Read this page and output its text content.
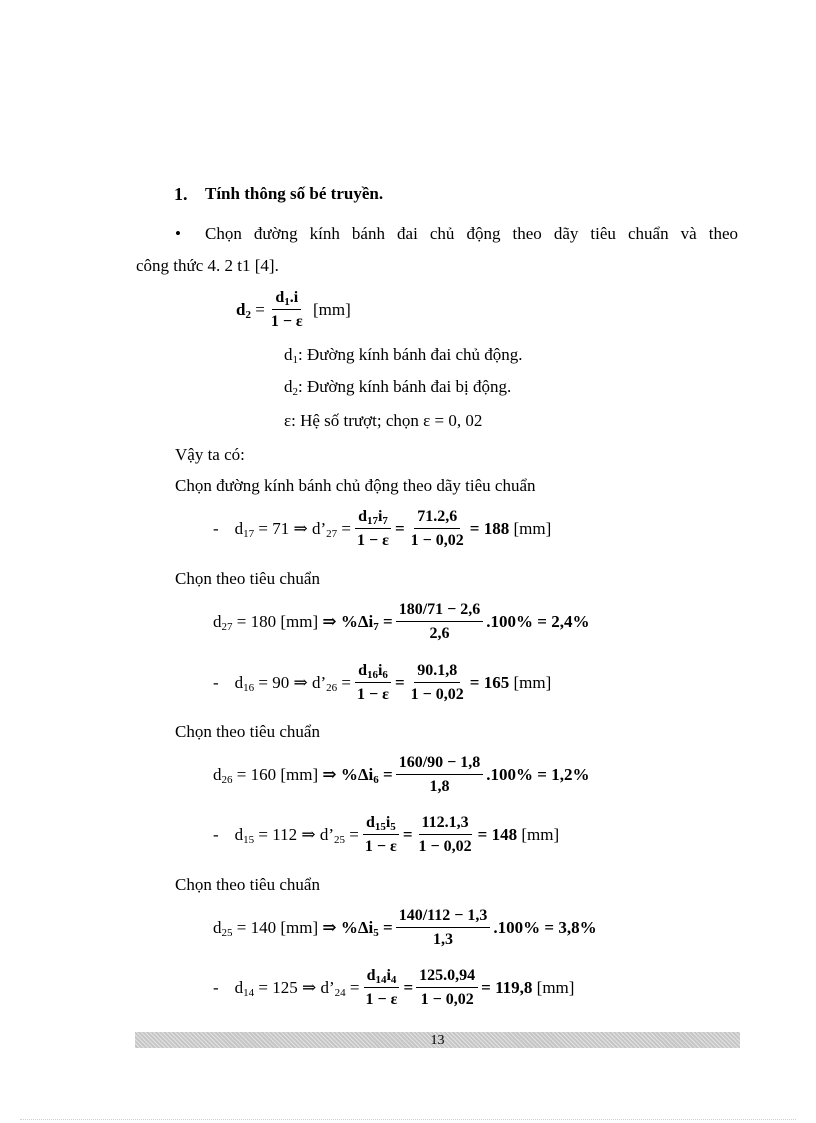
1. Tính thông số bé truyền.
• Chọn đường kính bánh đai chủ động theo dãy tiêu chuẩn và theo
công thức 4. 2 t1 [4].
$d_2 = \frac{d_1.i}{1 - \varepsilon}$
[mm]
$d_1$: Đường kính bánh đai chủ động.
$d_2$: Đường kính bánh đai bị động.
ε: Hệ số trượt; chọn ε = 0, 02
Vậy ta có:
Chọn đường kính bánh chủ động theo dãy tiêu chuẩn
- $d_{17} = 71$ ⇒ $d’_{27} = \frac{d_{17}i_7}{1 - \varepsilon} = \frac{71.2,6}{1 - 0,02} = 188$
[mm]
Chọn theo tiêu chuẩn
$d_{27} = 180$ [mm] ⇒ $\%\Delta i_7 = \frac{180/71 - 2,6}{2,6} .100\% = 2,4\%$
- $d_{16} = 90$ ⇒ $d’_{26} = \frac{d_{16}i_6}{1 - \varepsilon} = \frac{90.1,8}{1 - 0,02} = 165$
[mm]
Chọn theo tiêu chuẩn
$d_{26} = 160$ [mm] ⇒ $\%\Delta i_6 = \frac{160/90 - 1,8}{1,8} .100\% = 1,2\%$
- $d_{15} = 112$ ⇒ $d’_{25} = \frac{d_{15}i_5}{1 - \varepsilon} = \frac{112.1,3}{1 - 0,02} = 148$
[mm]
Chọn theo tiêu chuẩn
$d_{25} = 140$ [mm] ⇒ $\%\Delta i_5 = \frac{140/112 - 1,3}{1,3} .100\% = 3,8\%$
- $d_{14} = 125$ ⇒ $d’_{24} = \frac{d_{14}i_4}{1 - \varepsilon} = \frac{125.0,94}{1 - 0,02} = 119,8$
[mm]
13
